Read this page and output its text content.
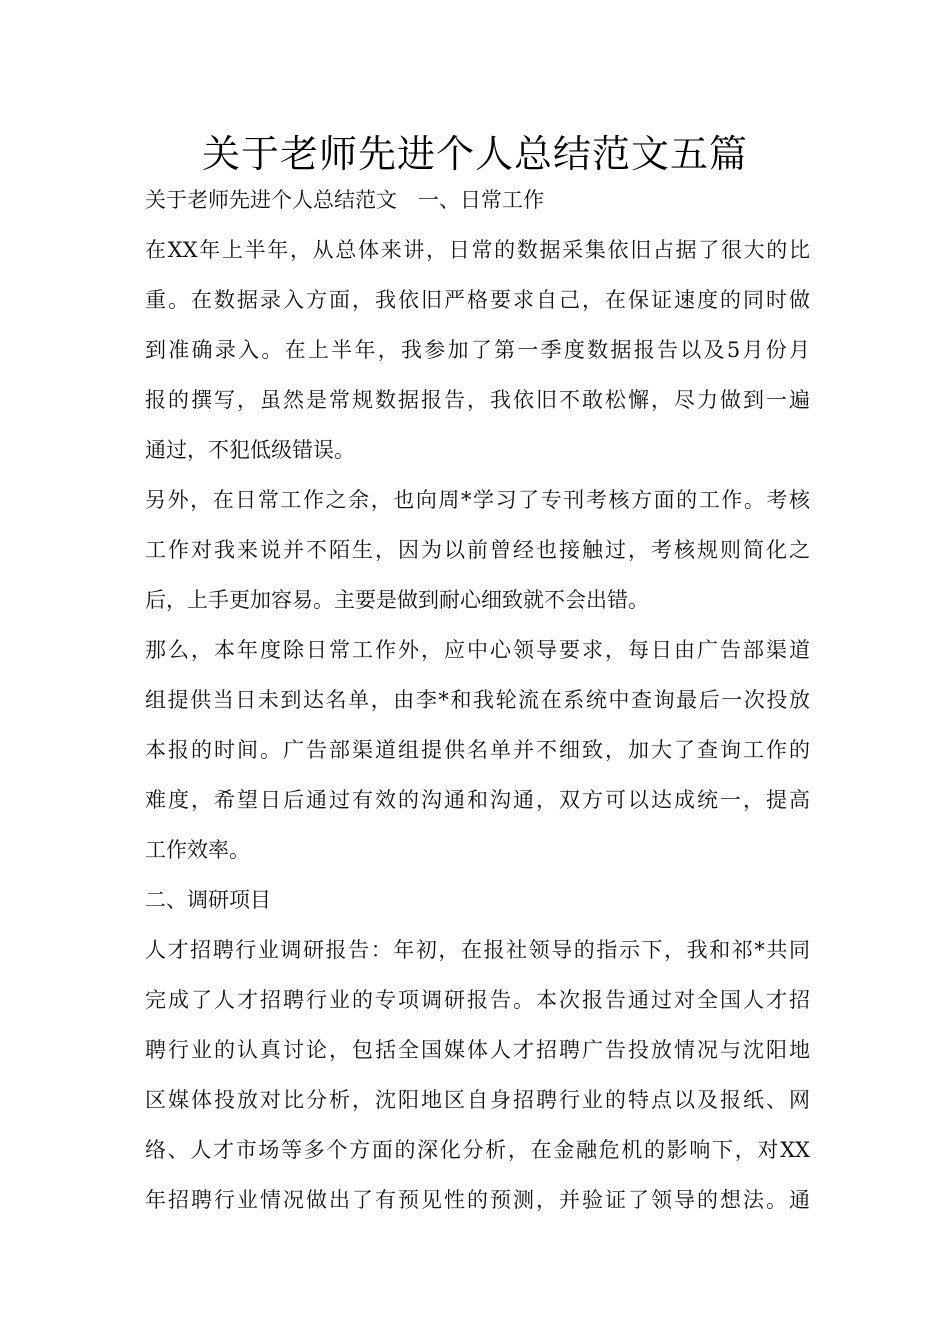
关于老师先进个人总结范文五篇
关于老师先进个人总结范文　一、日常工作
在XX年上半年，从总体来讲，日常的数据采集依旧占据了很大的比
重。在数据录入方面，我依旧严格要求自己，在保证速度的同时做
到准确录入。在上半年，我参加了第一季度数据报告以及5月份月
报的撰写，虽然是常规数据报告，我依旧不敢松懈，尽力做到一遍
通过，不犯低级错误。
另外，在日常工作之余，也向周*学习了专刊考核方面的工作。考核
工作对我来说并不陌生，因为以前曾经也接触过，考核规则简化之
后，上手更加容易。主要是做到耐心细致就不会出错。
那么，本年度除日常工作外，应中心领导要求，每日由广告部渠道
组提供当日未到达名单，由李*和我轮流在系统中查询最后一次投放
本报的时间。广告部渠道组提供名单并不细致，加大了查询工作的
难度，希望日后通过有效的沟通和沟通，双方可以达成统一，提高
工作效率。
二、调研项目
人才招聘行业调研报告：年初，在报社领导的指示下，我和祁*共同
完成了人才招聘行业的专项调研报告。本次报告通过对全国人才招
聘行业的认真讨论，包括全国媒体人才招聘广告投放情况与沈阳地
区媒体投放对比分析，沈阳地区自身招聘行业的特点以及报纸、网
络、人才市场等多个方面的深化分析，在金融危机的影响下，对XX
年招聘行业情况做出了有预见性的预测，并验证了领导的想法。通
